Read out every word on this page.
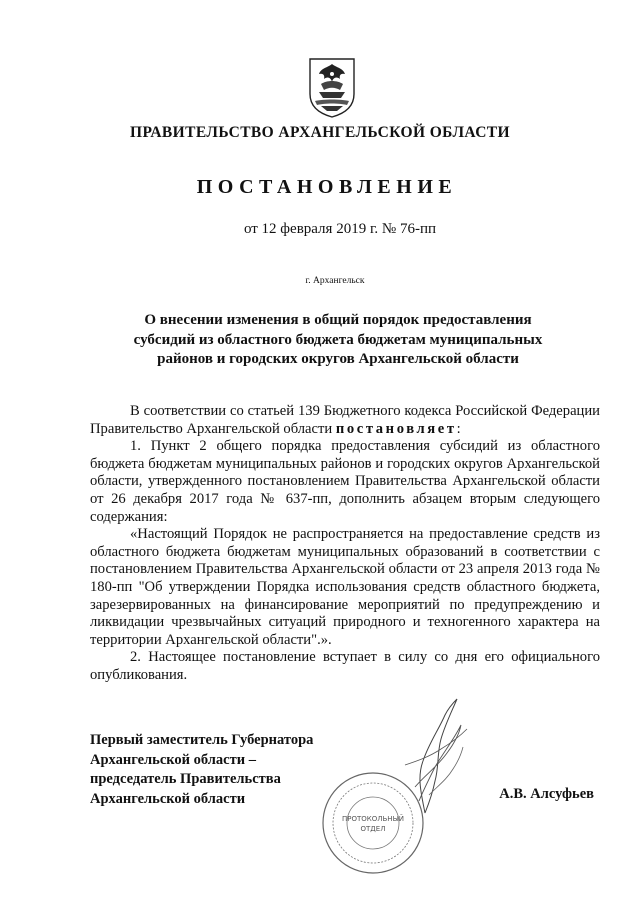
ПРАВИТЕЛЬСТВО АРХАНГЕЛЬСКОЙ ОБЛАСТИ
ПОСТАНОВЛЕНИЕ
от 12 февраля 2019 г. № 76-пп
г. Архангельск
О внесении изменения в общий порядок предоставления
субсидий из областного бюджета бюджетам муниципальных
районов и городских округов Архангельской области

В соответствии со статьей 139 Бюджетного кодекса Российской Федерации Правительство Архангельской области постановляет:

1. Пункт 2 общего порядка предоставления субсидий из областного бюджета бюджетам муниципальных районов и городских округов Архангельской области, утвержденного постановлением Правительства Архангельской области от 26 декабря 2017 года № 637-пп, дополнить абзацем вторым следующего содержания:

«Настоящий Порядок не распространяется на предоставление средств из областного бюджета бюджетам муниципальных образований в соответствии с постановлением Правительства Архангельской области от 23 апреля 2013 года № 180-пп "Об утверждении Порядка использования средств областного бюджета, зарезервированных на финансирование мероприятий по предупреждению и ликвидации чрезвычайных ситуаций природного и техногенного характера на территории Архангельской области".».

2. Настоящее постановление вступает в силу со дня его официального опубликования.

Первый заместитель Губернатора
Архангельской области –
председатель Правительства
Архангельской области	А.В. Алсуфьев
ПРОТОКОЛЬНЫЙ
ОТДЕЛ
